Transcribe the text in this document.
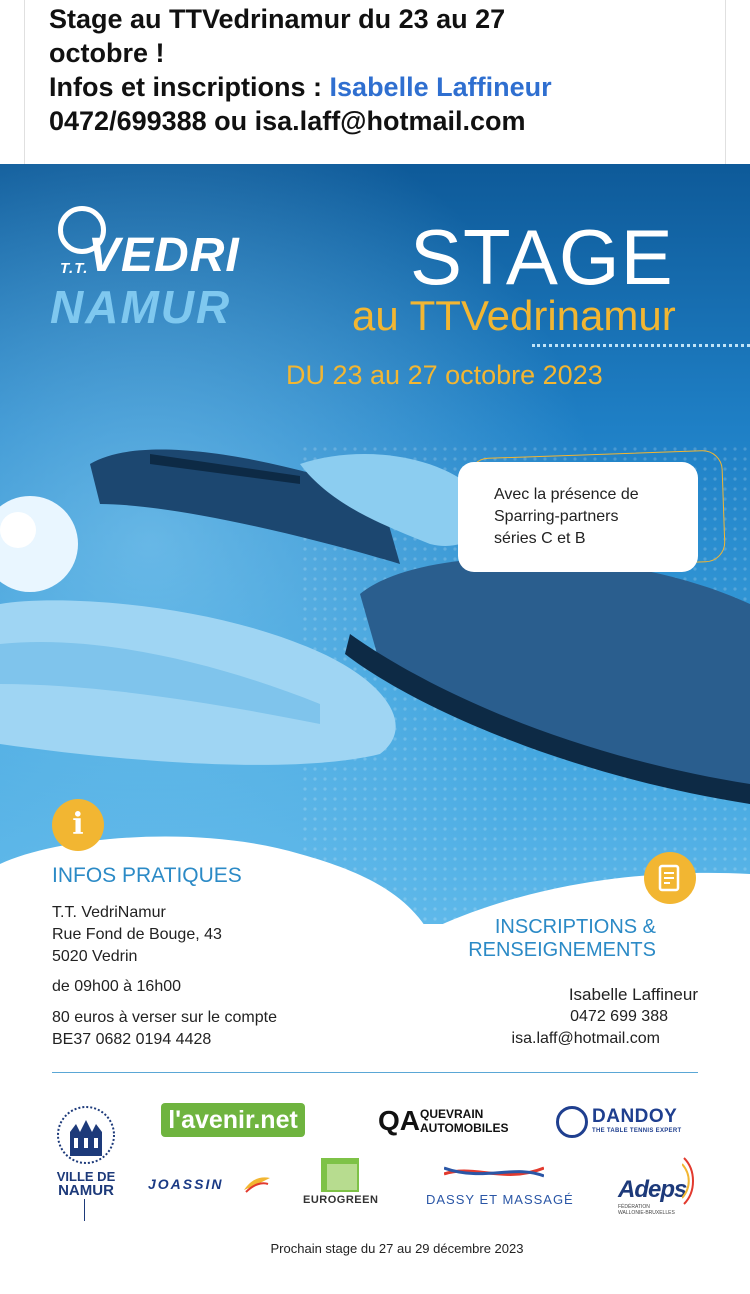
Stage au TTVedrinamur du 23 au 27
octobre !
Infos et inscriptions : Isabelle Laffineur
0472/699388 ou isa.laff@hotmail.com
T.T. VEDRI
NAMUR
STAGE
au TTVedrinamur
DU 23 au 27 octobre 2023
Avec la présence de
Sparring-partners
séries C et B
i
INFOS PRATIQUES
T.T. VedriNamur
Rue Fond de Bouge, 43
5020 Vedrin
de 09h00 à 16h00
80 euros à verser sur le compte
BE37 0682 0194 4428
INSCRIPTIONS &
RENSEIGNEMENTS
Isabelle Laffineur
0472 699 388
isa.laff@hotmail.com
VILLE DE
NAMUR
l'avenir.net	QA QUEVRAIN
AUTOMOBILES
DANDOY
THE TABLE TENNIS EXPERT
JOASSIN
EUROGREEN	DASSY ET MASSAGÉ Adeps
FÉDÉRATION
WALLONIE-BRUXELLES
Prochain stage du 27 au 29 décembre 2023
